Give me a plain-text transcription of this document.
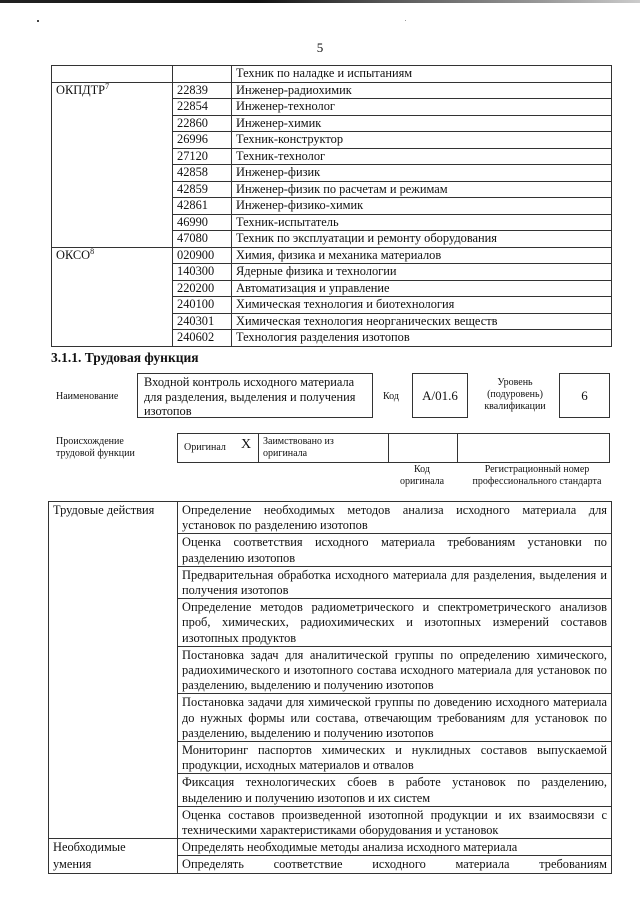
5
		Техник по наладке и испытаниям
ОКПДТР$^7$	22839	Инженер-радиохимик
	22854	Инженер-технолог
	22860	Инженер-химик
	26996	Техник-конструктор
	27120	Техник-технолог
	42858	Инженер-физик
	42859	Инженер-физик по расчетам и режимам
	42861	Инженер-физико-химик
	46990	Техник-испытатель
	47080	Техник по эксплуатации и ремонту оборудования
ОКСО$^8$	020900	Химия, физика и механика материалов
	140300	Ядерные физика и технологии
	220200	Автоматизация и управление
	240100	Химическая технология и биотехнология
	240301	Химическая технология неорганических веществ
	240602	Технология разделения изотопов
3.1.1. Трудовая функция
Наименование
Входной контроль исходного материала для разделения, выделения и получения изотопов
Код	A/01.6
Уровень
(подуровень)
квалификации
6
Происхождение
трудовой функции
Оригинал X Заимствовано из
оригинала
Код
оригинала
Регистрационный номер
профессионального стандарта
Трудовые действия	Определение необходимых методов анализа исходного материала для установок по разделению изотопов
	Оценка соответствия исходного материала требованиям установки по разделению изотопов
	Предварительная обработка исходного материала для разделения, выделения и получения изотопов
	Определение методов радиометрического и спектрометрического анализов проб, химических, радиохимических и изотопных измерений составов изотопных продуктов
	Постановка задач для аналитической группы по определению химического, радиохимического и изотопного состава исходного материала для установок по разделению, выделению и получению изотопов
	Постановка задачи для химической группы по доведению исходного материала до нужных формы или состава, отвечающим требованиям для установок по разделению, выделению и получению изотопов
	Мониторинг паспортов химических и нуклидных составов выпускаемой продукции, исходных материалов и отвалов
	Фиксация технологических сбоев в работе установок по разделению, выделению и получению изотопов и их систем
	Оценка составов произведенной изотопной продукции и их взаимосвязи с техническими характеристиками оборудования и установок
Необходимые	Определять необходимые методы анализа исходного материала
умения	Определять соответствие исходного материала требованиям
